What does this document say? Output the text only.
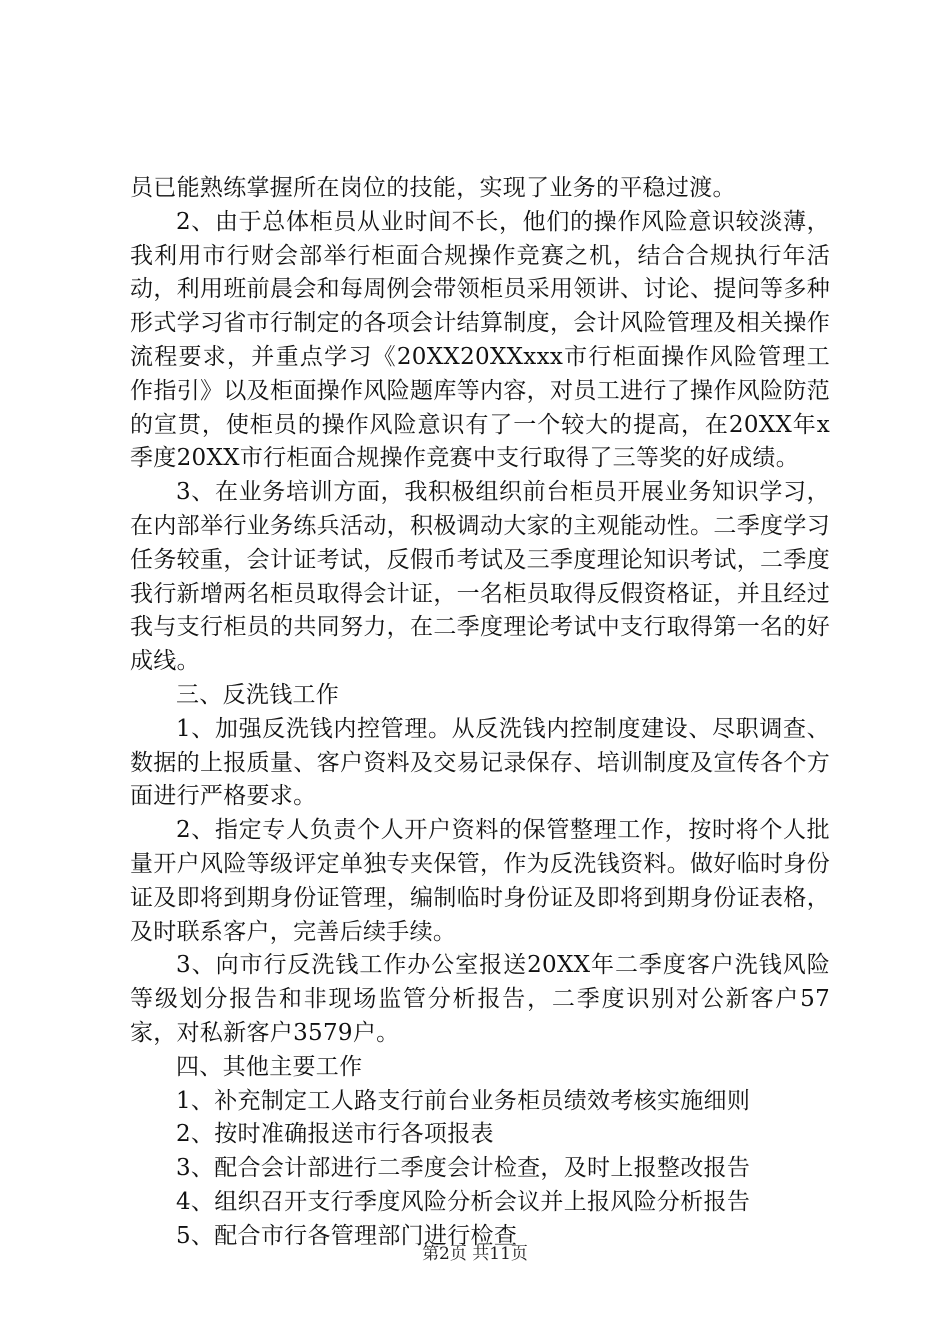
员已能熟练掌握所在岗位的技能，实现了业务的平稳过渡。

2、由于总体柜员从业时间不长，他们的操作风险意识较淡薄，我利用市行财会部举行柜面合规操作竞赛之机，结合合规执行年活动，利用班前晨会和每周例会带领柜员采用领讲、讨论、提问等多种形式学习省市行制定的各项会计结算制度，会计风险管理及相关操作流程要求，并重点学习《20XX20XXxxx市行柜面操作风险管理工作指引》以及柜面操作风险题库等内容，对员工进行了操作风险防范的宣贯，使柜员的操作风险意识有了一个较大的提高，在20XX年x季度20XX市行柜面合规操作竞赛中支行取得了三等奖的好成绩。

3、在业务培训方面，我积极组织前台柜员开展业务知识学习，在内部举行业务练兵活动，积极调动大家的主观能动性。二季度学习任务较重，会计证考试，反假币考试及三季度理论知识考试，二季度我行新增两名柜员取得会计证，一名柜员取得反假资格证，并且经过我与支行柜员的共同努力，在二季度理论考试中支行取得第一名的好成线。

三、反洗钱工作

1、加强反洗钱内控管理。从反洗钱内控制度建设、尽职调查、数据的上报质量、客户资料及交易记录保存、培训制度及宣传各个方面进行严格要求。

2、指定专人负责个人开户资料的保管整理工作，按时将个人批量开户风险等级评定单独专夹保管，作为反洗钱资料。做好临时身份证及即将到期身份证管理，编制临时身份证及即将到期身份证表格，及时联系客户，完善后续手续。

3、向市行反洗钱工作办公室报送20XX年二季度客户洗钱风险等级划分报告和非现场监管分析报告，二季度识别对公新客户57家，对私新客户3579户。

四、其他主要工作

1、补充制定工人路支行前台业务柜员绩效考核实施细则

2、按时准确报送市行各项报表

3、配合会计部进行二季度会计检查，及时上报整改报告

4、组织召开支行季度风险分析会议并上报风险分析报告

5、配合市行各管理部门进行检查

第2页 共11页
